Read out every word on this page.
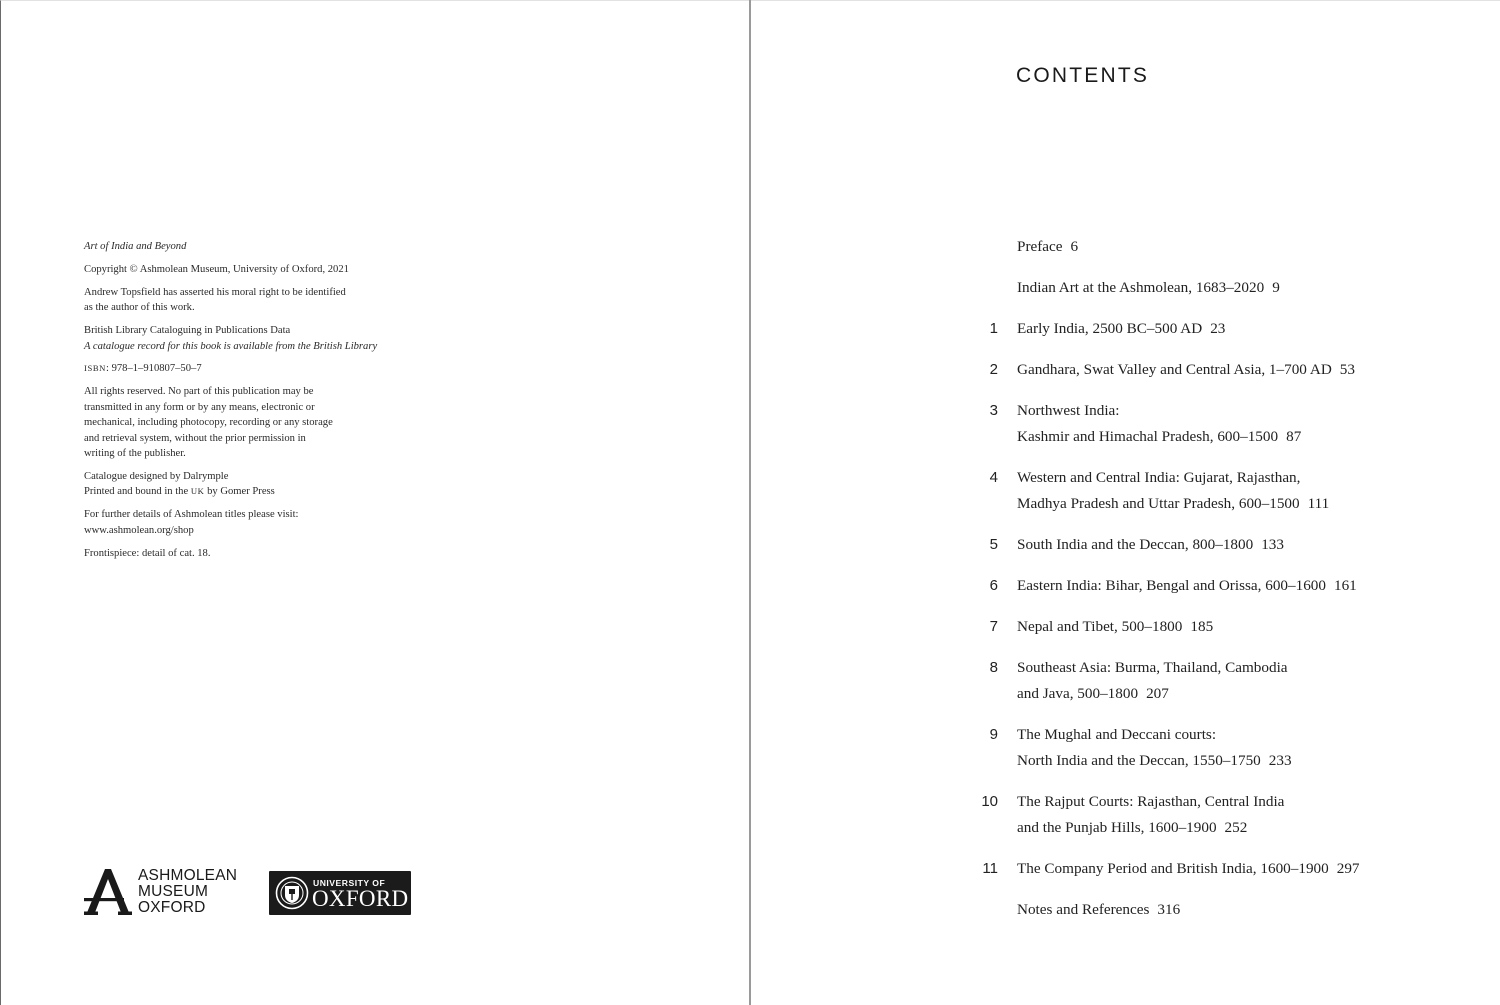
Art of India and Beyond

Copyright © Ashmolean Museum, University of Oxford, 2021

Andrew Topsfield has asserted his moral right to be identified
as the author of this work.

British Library Cataloguing in Publications Data
A catalogue record for this book is available from the British Library

ISBN: 978–1–910807–50–7

All rights reserved. No part of this publication may be
transmitted in any form or by any means, electronic or
mechanical, including photocopy, recording or any storage
and retrieval system, without the prior permission in
writing of the publisher.

Catalogue designed by Dalrymple
Printed and bound in the UK by Gomer Press

For further details of Ashmolean titles please visit:
www.ashmolean.org/shop

Frontispiece: detail of cat. 18.

ASHMOLEAN
MUSEUM
OXFORD
UNIVERSITY OF
OXFORD
CONTENTS
Preface 6
Indian Art at the Ashmolean, 1683–2020 9
1 Early India, 2500 BC–500 AD 23
2 Gandhara, Swat Valley and Central Asia, 1–700 AD 53
3 Northwest India:
Kashmir and Himachal Pradesh, 600–1500 87
4 Western and Central India: Gujarat, Rajasthan,
Madhya Pradesh and Uttar Pradesh, 600–1500 111
5 South India and the Deccan, 800–1800 133
6 Eastern India: Bihar, Bengal and Orissa, 600–1600 161
7 Nepal and Tibet, 500–1800 185
8 Southeast Asia: Burma, Thailand, Cambodia
and Java, 500–1800 207
9 The Mughal and Deccani courts:
North India and the Deccan, 1550–1750 233
10 The Rajput Courts: Rajasthan, Central India
and the Punjab Hills, 1600–1900 252
11 The Company Period and British India, 1600–1900 297
Notes and References 316
